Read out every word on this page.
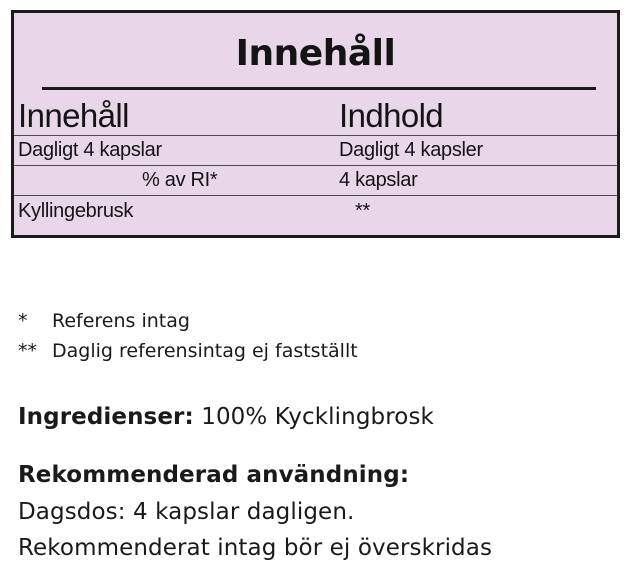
Innehåll
Innehåll	Indhold
Dagligt 4 kapslar	Dagligt 4 kapsler
% av RI*	4 kapslar
Kyllingebrusk	**
* Referens intag
** Daglig referensintag ej fastställt
Ingredienser: 100% Kycklingbrosk
Rekommenderad användning:
Dagsdos: 4 kapslar dagligen.
Rekommenderat intag bör ej överskridas
